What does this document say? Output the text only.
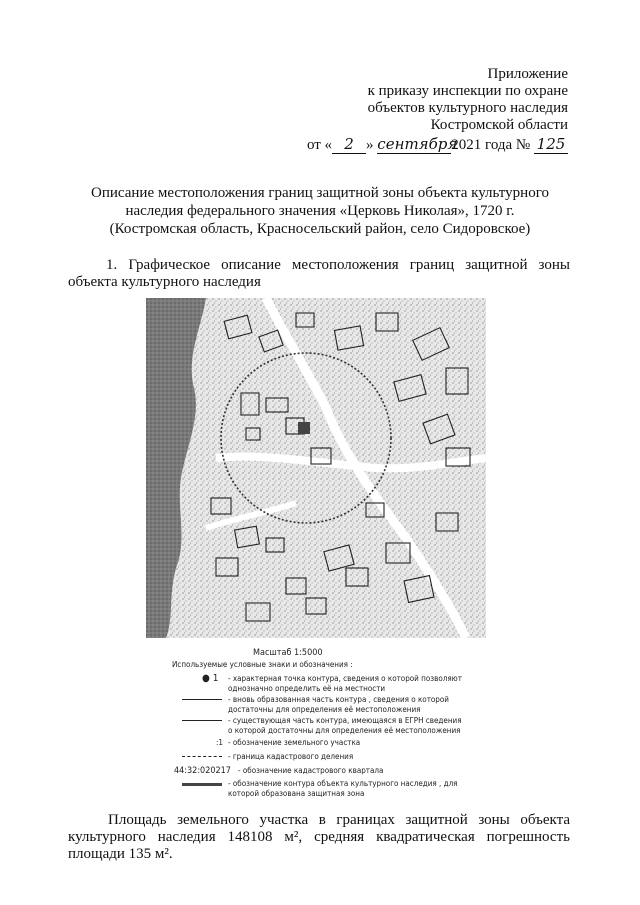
Приложение
к приказу инспекции по охране
объектов культурного наследия
Костромской области
от « 2 » сентября2021 года № 125
Описание местоположения границ защитной зоны объекта культурного
наследия федерального значения «Церковь Николая», 1720 г.
(Костромская область, Красносельский район, село Сидоровское)
1. Графическое описание местоположения границ защитной зоны
объекта культурного наследия
Масштаб 1:5000
Используемые условные знаки и обозначения :
● 1 - характерная точка контура, сведения о которой позволяют однозначно определить её на местности
- вновь образованная часть контура , сведения о которой достаточны для определения её местоположения
- существующая часть контура, имеющаяся в ЕГРН сведения о которой достаточны для определения её местоположения
:1 - обозначение земельного участка
- граница кадастрового деления
44:32:020217 - обозначение кадастрового квартала
- обозначение контура объекта культурного наследия , для которой образована защитная зона
Площадь земельного участка в границах защитной зоны объекта культурного наследия 148108 м², средняя квадратическая погрешность площади 135 м².
